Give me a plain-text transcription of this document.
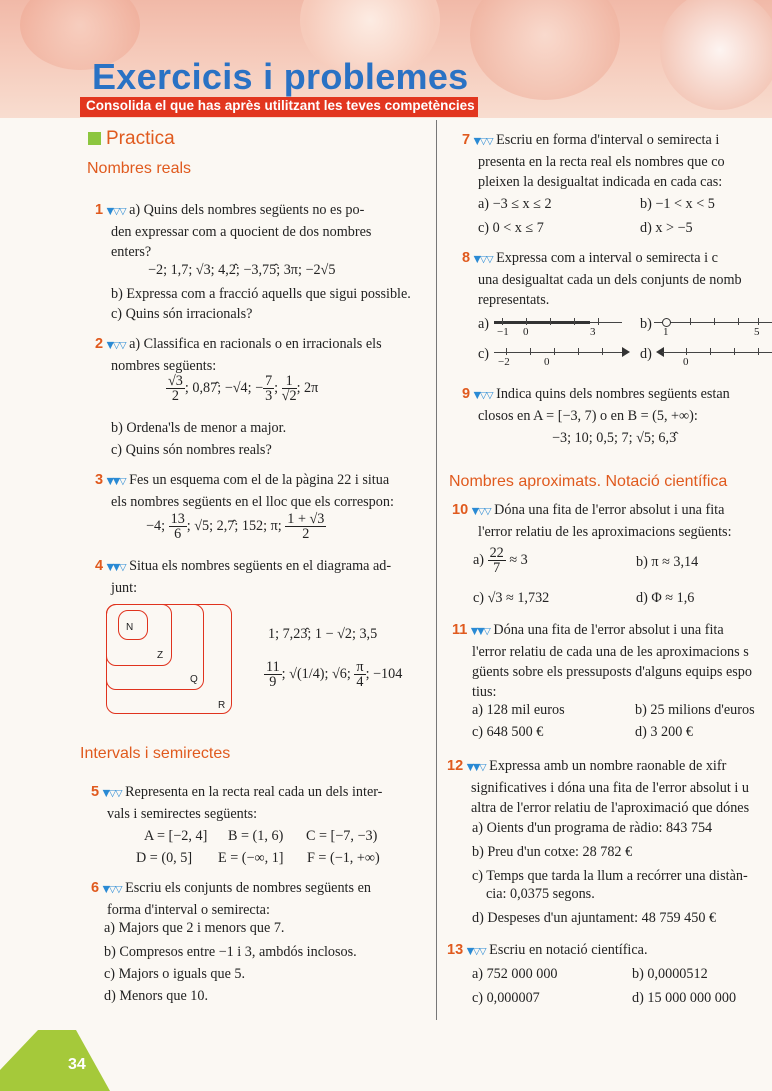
Exercicis i problemes
Consolida el que has après utilitzant les teves competències
Practica
Nombres reals
1 ▼▽▽ a) Quins dels nombres següents no es po-
den expressar com a quocient de dos nombres
enters?
−2; 1,7; √3; 4,2̂; −3,75̂; 3π; −2√5
b) Expressa com a fracció aquells que sigui possible.
c) Quins són irracionals?
2 ▼▽▽ a) Classifica en racionals o en irracionals els
nombres següents:
$\frac{√3}{2}$ ; 0,87̂; −√4; − $\frac{7}{3}$ ; $\frac{1}{√2}$ ; 2π
b) Ordena'ls de menor a major.
c) Quins són nombres reals?
3 ▼▼▽ Fes un esquema com el de la pàgina 22 i situa
els nombres següents en el lloc que els correspon:
−4; $\frac{13}{6}$ ; √5; 2,7̂; 152; π; $\frac{1 + √3}{2}$
4 ▼▼▽ Situa els nombres següents en el diagrama ad-
junt:
N
Z
Q
R
1; 7,23̂; 1 − √2; 3,5
$\frac{11}{9}$ ; √(1/4); √6; $\frac{\pi}{4}$ ; −104
Intervals i semirectes
5 ▼▽▽ Representa en la recta real cada un dels inter-
vals i semirectes següents:
A = [−2, 4] B = (1, 6) C = [−7, −3)
D = (0, 5] E = (−∞, 1] F = (−1, +∞)
6 ▼▽▽ Escriu els conjunts de nombres següents en
forma d'interval o semirecta:
a) Majors que 2 i menors que 7.
b) Compresos entre −1 i 3, ambdós inclosos.
c) Majors o iguals que 5.
d) Menors que 10.
7 ▼▽▽ Escriu en forma d'interval o semirecta i
presenta en la recta real els nombres que co
pleixen la desigualtat indicada en cada cas:
a) −3 ≤ x ≤ 2	b) −1 < x < 5
c) 0 < x ≤ 7	d) x > −5
8 ▼▽▽ Expressa com a interval o semirecta i c
una desigualtat cada un dels conjunts de nomb
representats.
a) −1 0	3	b) 1	5
c) −2	0	d)	0
9 ▼▽▽ Indica quins dels nombres següents estan
closos en A = [−3, 7) o en B = (5, +∞):
−3; 10; 0,5; 7; √5; 6,3̂
Nombres aproximats. Notació científica
10 ▼▽▽ Dóna una fita de l'error absolut i una fita
l'error relatiu de les aproximacions següents:
$a) \frac{22}{7} \approx 3$	b) π ≈ 3,14
c) √3 ≈ 1,732	d) Φ ≈ 1,6
11 ▼▼▽ Dóna una fita de l'error absolut i una fita
l'error relatiu de cada una de les aproximacions s
güents sobre els pressuposts d'alguns equips espo
tius:
a) 128 mil euros	b) 25 milions d'euros
c) 648 500 €	d) 3 200 €
12 ▼▼▽ Expressa amb un nombre raonable de xifr
significatives i dóna una fita de l'error absolut i u
altra de l'error relatiu de l'aproximació que dónes
a) Oients d'un programa de ràdio: 843 754
b) Preu d'un cotxe: 28 782 €
c) Temps que tarda la llum a recórrer una distàn-
cia: 0,0375 segons.
d) Despeses d'un ajuntament: 48 759 450 €
13 ▼▽▽ Escriu en notació científica.
a) 752 000 000	b) 0,0000512
c) 0,000007	d) 15 000 000 000
34
